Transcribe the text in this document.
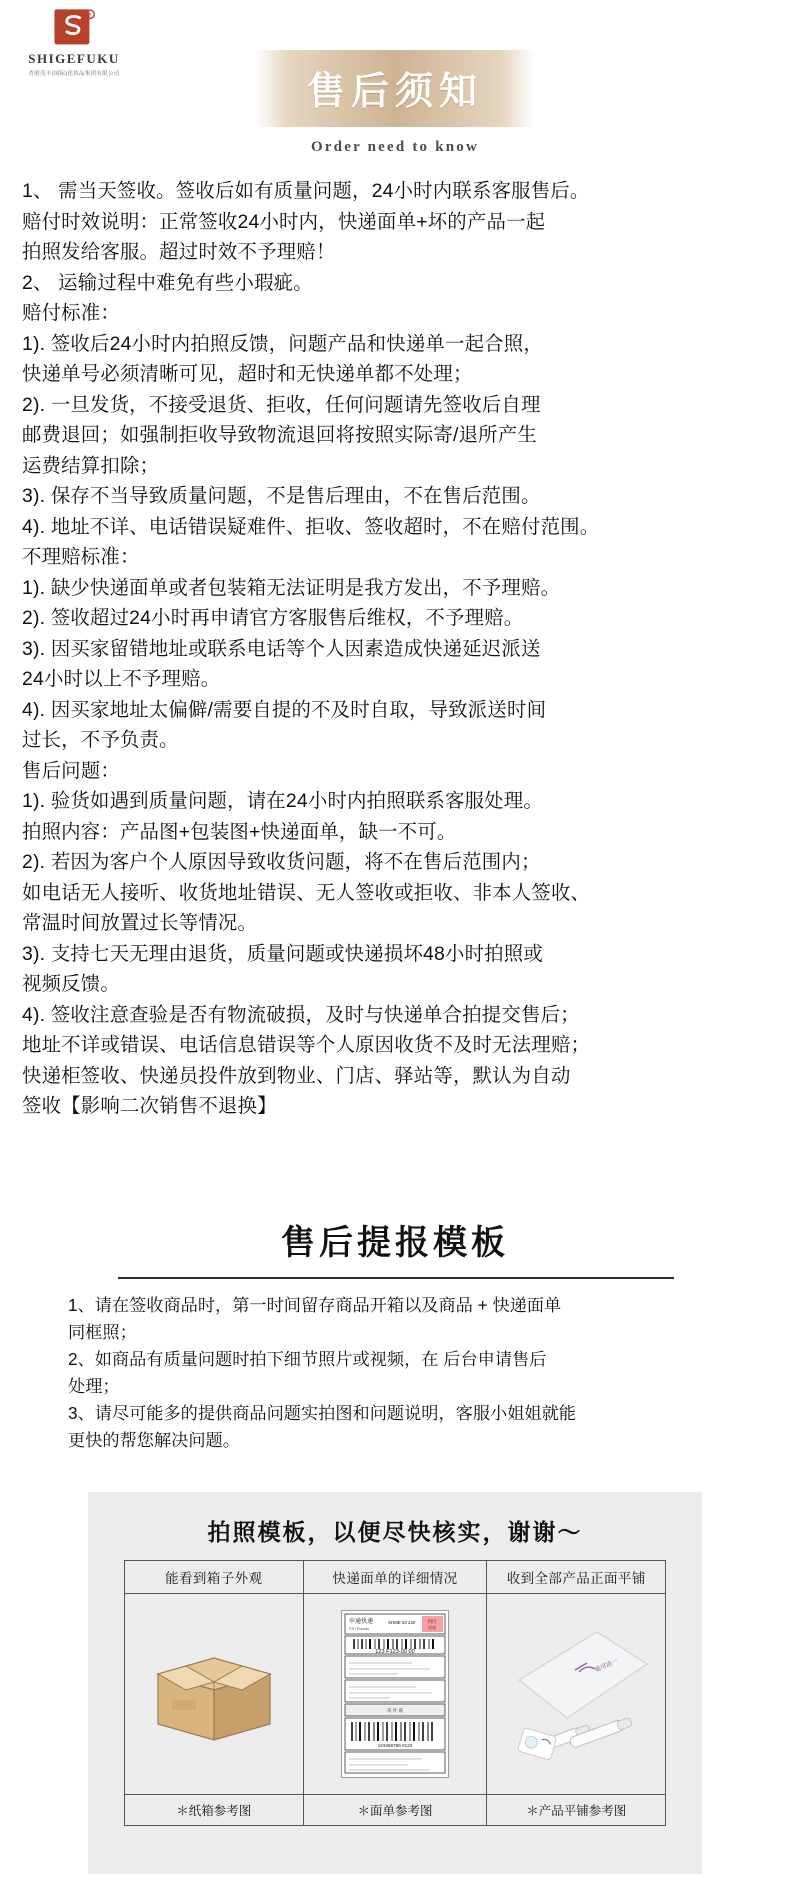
R
SHIGEFUKU
香港茂丰(国际)化妆品集团有限公司	售后须知
Order need to know

1、 需当天签收。签收后如有质量问题，24小时内联系客服售后。

赔付时效说明：正常签收24小时内，快递面单+坏的产品一起

拍照发给客服。超过时效不予理赔！

2、 运输过程中难免有些小瑕疵。

赔付标准：

1). 签收后24小时内拍照反馈，问题产品和快递单一起合照，

快递单号必须清晰可见，超时和无快递单都不处理；

2). 一旦发货，不接受退货、拒收，任何问题请先签收后自理

邮费退回；如强制拒收导致物流退回将按照实际寄/退所产生

运费结算扣除；

3). 保存不当导致质量问题，不是售后理由，不在售后范围。

4). 地址不详、电话错误疑难件、拒收、签收超时，不在赔付范围。

不理赔标准：

1). 缺少快递面单或者包装箱无法证明是我方发出，不予理赔。

2). 签收超过24小时再申请官方客服售后维权，不予理赔。

3). 因买家留错地址或联系电话等个人因素造成快递延迟派送

24小时以上不予理赔。

4). 因买家地址太偏僻/需要自提的不及时自取，导致派送时间

过长，不予负责。

售后问题：

1). 验货如遇到质量问题，请在24小时内拍照联系客服处理。

拍照内容：产品图+包装图+快递面单，缺一不可。

2). 若因为客户个人原因导致收货问题，将不在售后范围内；

如电话无人接听、收货地址错误、无人签收或拒收、非本人签收、

常温时间放置过长等情况。

3). 支持七天无理由退货，质量问题或快递损坏48小时拍照或

视频反馈。

4). 签收注意查验是否有物流破损，及时与快递单合拍提交售后；

地址不详或错误、电话信息错误等个人原因收货不及时无法理赔；

快递柜签收、快递员投件放到物业、门店、驿站等，默认为自动

签收【影响二次销售不退换】

售后提报模板

1、请在签收商品时，第一时间留存商品开箱以及商品 + 快递面单

同框照；

2、如商品有质量问题时拍下细节照片或视频，在 后台申请售后

处理；

3、请尽可能多的提供商品问题实拍图和问题说明，客服小姐姐就能

更快的帮您解决问题。

拍照模板，以便尽快核实，谢谢～
能看到箱子外观	快递面单的详细情况	收到全部产品正面平铺

申通快递
STO Express
SHME 03 220	到付
快递
123 F123-00 00
寄 件 联
123456789 0123

易可洁一

＊纸箱参考图	＊面单参考图	＊产品平铺参考图
